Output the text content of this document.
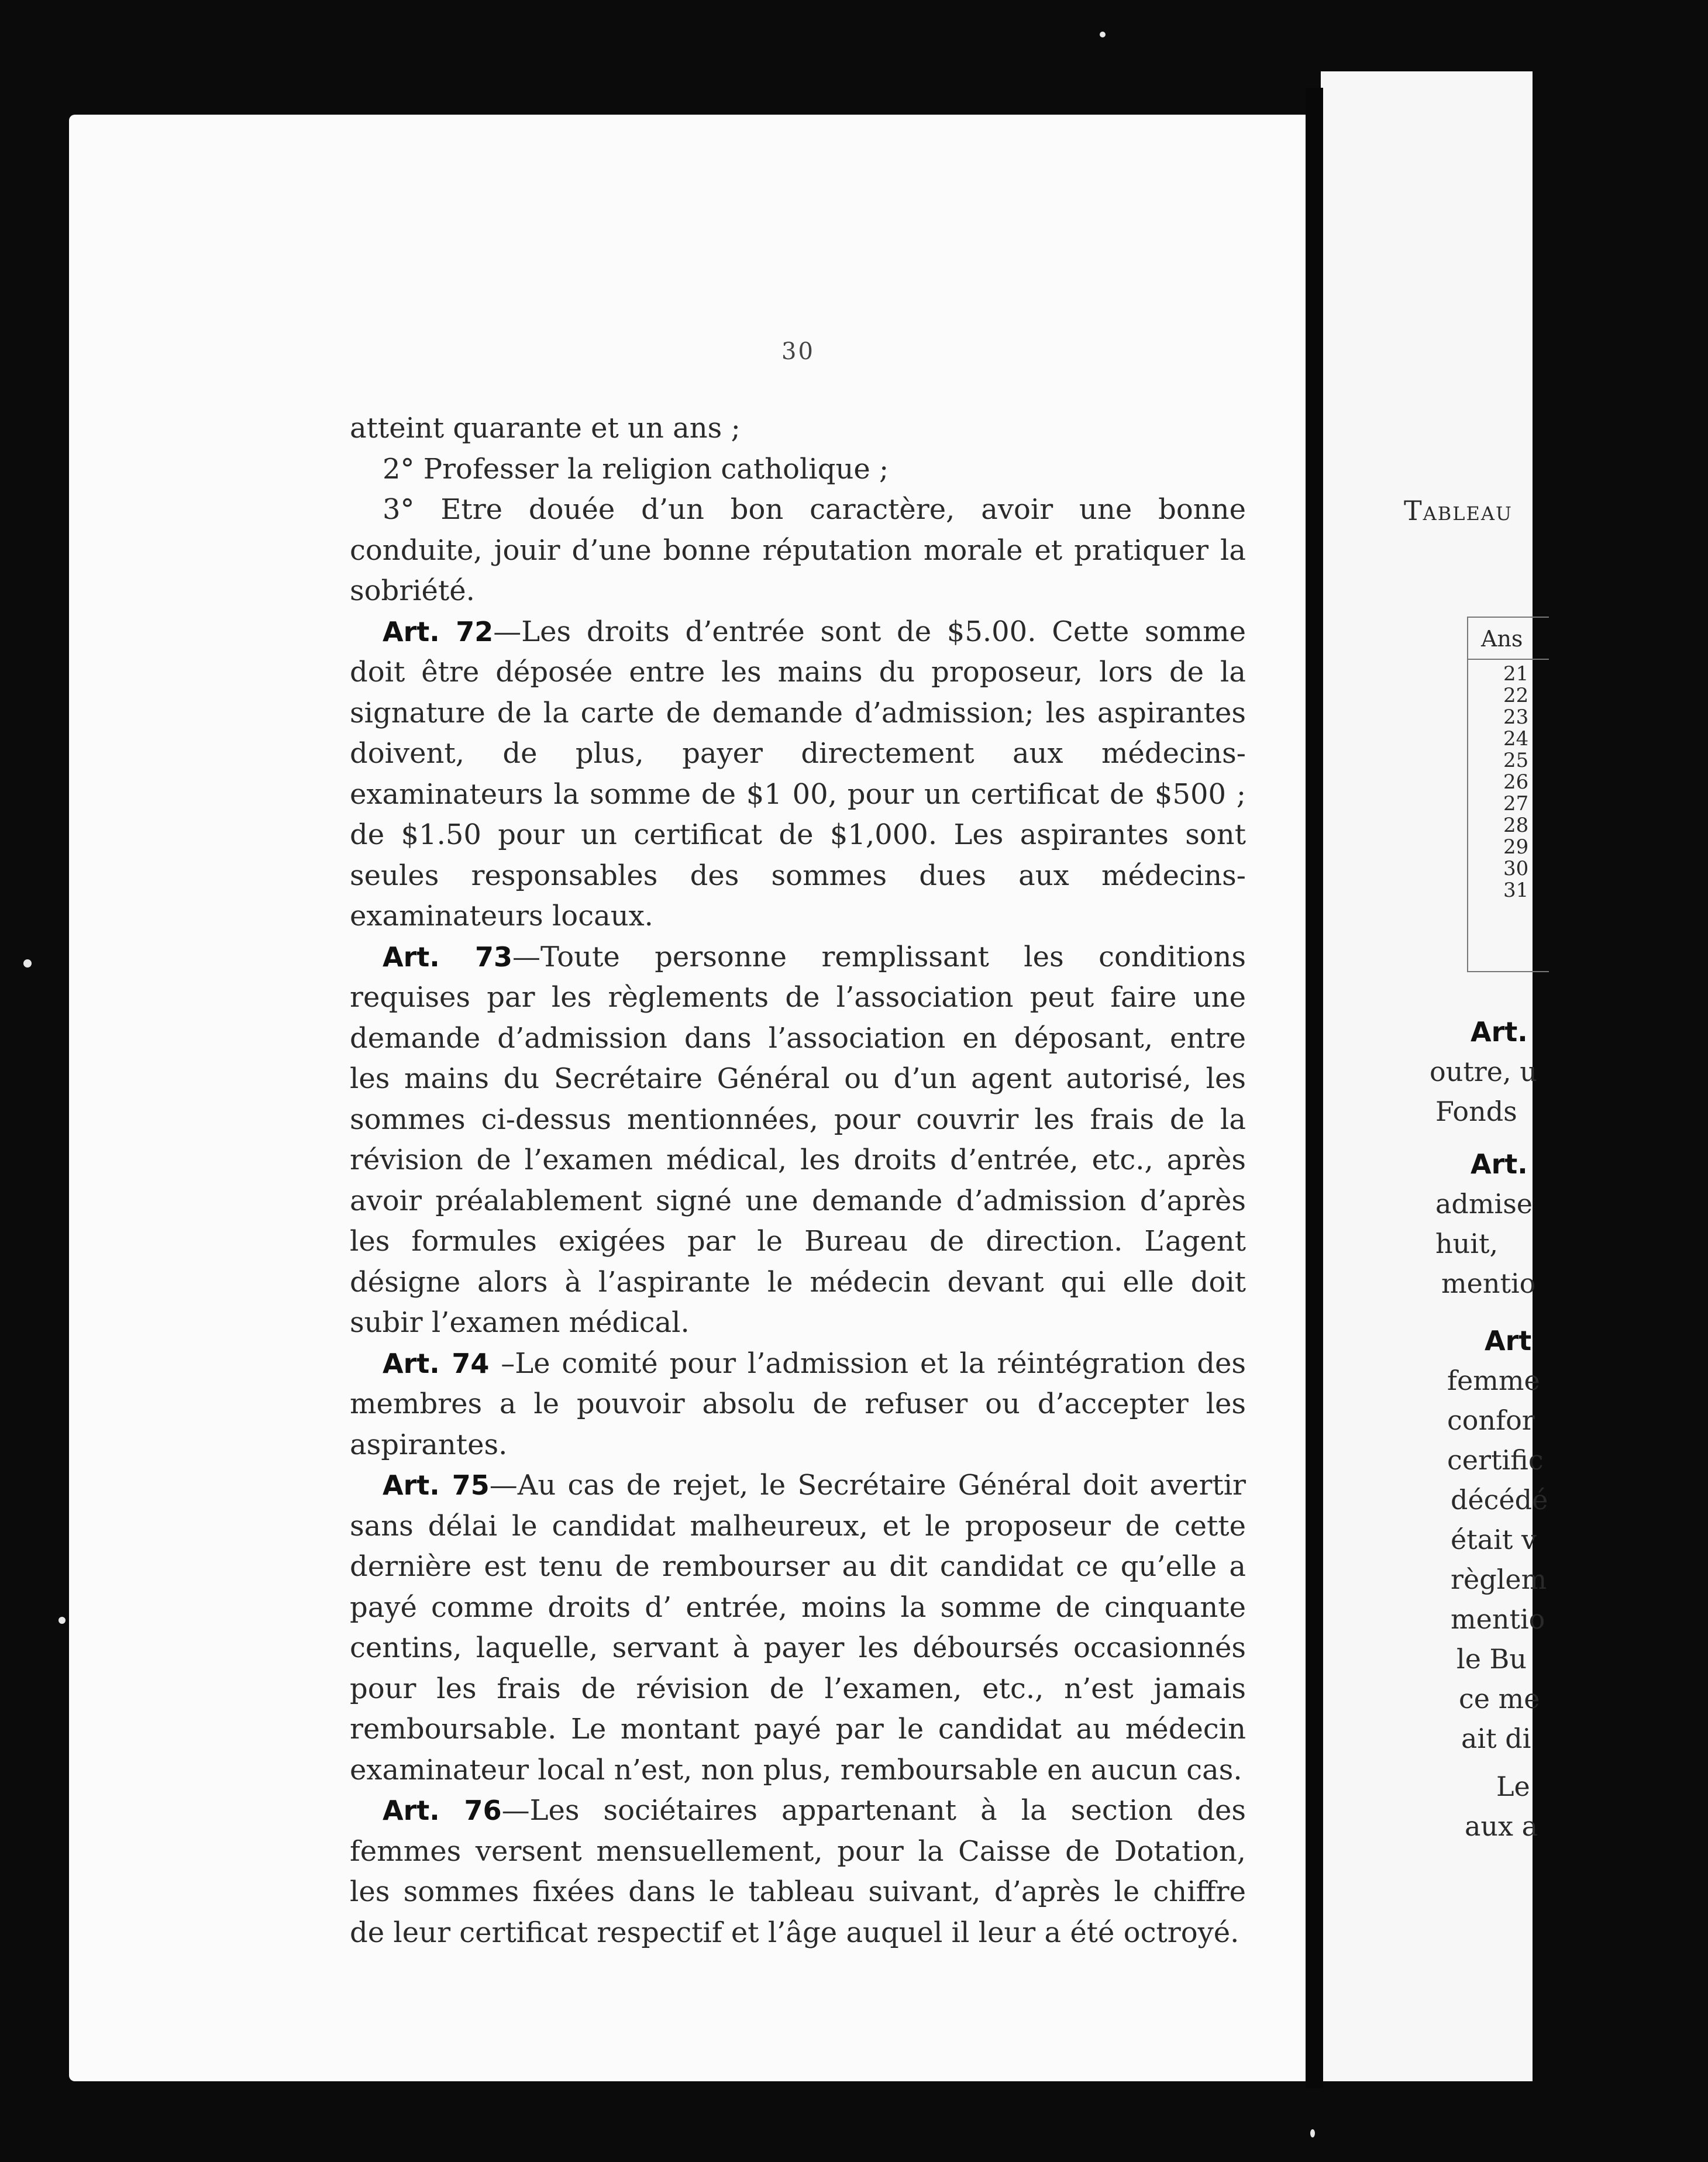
Tableau
Ans
21
22
23
24
25
26
27
28
29
30
31
Art.
outre, u
Fonds
Art.
admise
huit,
mentio
Art
femme
confor
certific
décédé
était v
règlem
mentio
le Bu
ce me
ait di
Le
aux a
30

atteint quarante et un ans ;

2° Professer la religion catholique ;

3° Etre douée d’un bon caractère, avoir une bonne conduite, jouir d’une bonne réputation morale et pratiquer la sobriété.

Art. 72—Les droits d’entrée sont de $5.00. Cette somme doit être déposée entre les mains du proposeur, lors de la signature de la carte de demande d’admission; les aspirantes doivent, de plus, payer directement aux médecins-examinateurs la somme de $1 00, pour un certificat de $500 ; de $1.50 pour un certificat de $1,000. Les aspirantes sont seules responsables des sommes dues aux médecins-examinateurs locaux.

Art. 73—Toute personne remplissant les conditions requises par les règlements de l’association peut faire une demande d’admission dans l’association en déposant, entre les mains du Secrétaire Général ou d’un agent autorisé, les sommes ci-dessus mentionnées, pour couvrir les frais de la révision de l’examen médical, les droits d’entrée, etc., après avoir préalablement signé une demande d’admission d’après les formules exigées par le Bureau de direction. L’agent désigne alors à l’aspirante le médecin devant qui elle doit subir l’examen médical.

Art. 74 –Le comité pour l’admission et la réintégration des membres a le pouvoir absolu de refuser ou d’accepter les aspirantes.

Art. 75—Au cas de rejet, le Secrétaire Général doit avertir sans délai le candidat malheureux, et le proposeur de cette dernière est tenu de rembourser au dit candidat ce qu’elle a payé comme droits d’ entrée, moins la somme de cinquante centins, laquelle, servant à payer les déboursés occasionnés pour les frais de révision de l’examen, etc., n’est jamais remboursable. Le montant payé par le candidat au médecin examinateur local n’est, non plus, remboursable en aucun cas.

Art. 76—Les sociétaires appartenant à la section des femmes versent mensuellement, pour la Caisse de Dotation, les sommes fixées dans le tableau suivant, d’après le chiffre de leur certificat respectif et l’âge auquel il leur a été octroyé.
